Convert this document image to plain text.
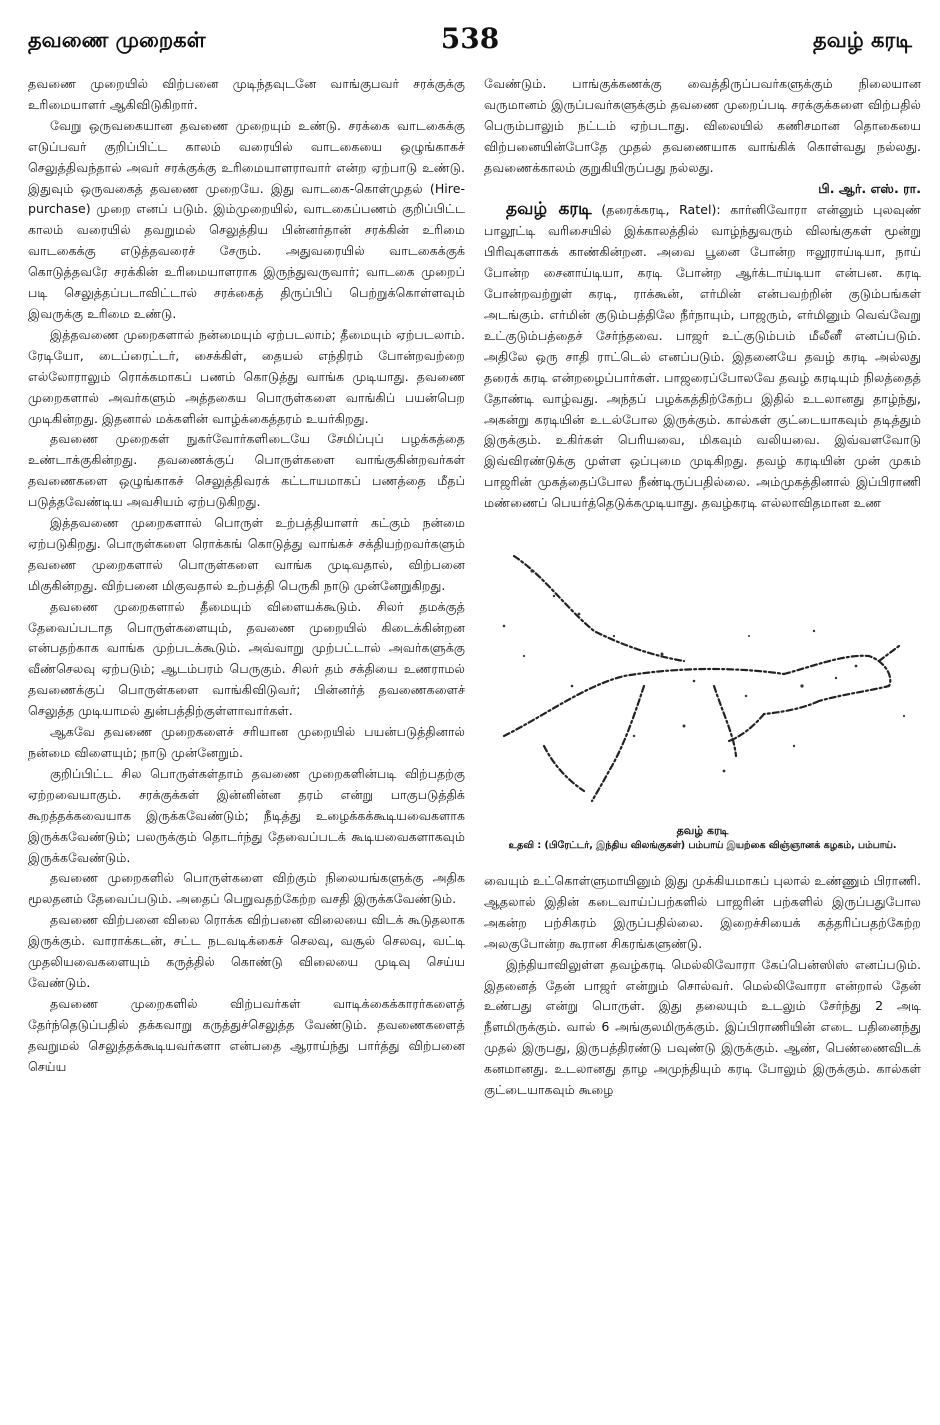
தவணை முறைகள்	538	தவழ் கரடி

தவணை முறையில் விற்பனை முடிந்தவுடனே வாங்குபவர் சரக்குக்கு உரிமையாளர் ஆகிவிடுகிறார்.

வேறு ஒருவகையான தவணை முறையும் உண்டு. சரக்கை வாடகைக்கு எடுப்பவர் குறிப்பிட்ட காலம் வரையில் வாடகையை ஒழுங்காகச் செலுத்திவந்தால் அவர் சரக்குக்கு உரிமையாளராவார் என்ற ஏற்பாடு உண்டு. இதுவும் ஒருவகைத் தவணை முறையே. இது வாடகை-கொள்முதல் (Hire-purchase) முறை எனப் படும். இம்முறையில், வாடகைப்பணம் குறிப்பிட்ட காலம் வரையில் தவறுமல் செலுத்திய பின்னர்தான் சரக்கின் உரிமை வாடகைக்கு எடுத்தவரைச் சேரும். அதுவரையில் வாடகைக்குக் கொடுத்தவரே சரக்கின் உரிமையாளராக இருந்துவருவார்; வாடகை முறைப் படி செலுத்தப்படாவிட்டால் சரக்கைத் திருப்பிப் பெற்றுக்கொள்ளவும் இவருக்கு உரிமை உண்டு.

இத்தவணை முறைகளால் நன்மையும் ஏற்படலாம்; தீமையும் ஏற்படலாம். ரேடியோ, டைப்ரைட்டர், சைக்கிள், தையல் எந்திரம் போன்றவற்றை எல்லோராலும் ரொக்கமாகப் பணம் கொடுத்து வாங்க முடியாது. தவணை முறைகளால் அவர்களும் அத்தகைய பொருள்களை வாங்கிப் பயன்பெற முடிகின்றது. இதனால் மக்களின் வாழ்க்கைத்தரம் உயர்கிறது.

தவணை முறைகள் நுகர்வோர்களிடையே சேமிப்புப் பழக்கத்தை உண்டாக்குகின்றது. தவணைக்குப் பொருள்களை வாங்குகின்றவர்கள் தவணைகளை ஒழுங்காகச் செலுத்திவரக் கட்டாயமாகப் பணத்தை மீதப் படுத்தவேண்டிய அவசியம் ஏற்படுகிறது.

இத்தவணை முறைகளால் பொருள் உற்பத்தியாளர் கட்கும் நன்மை ஏற்படுகிறது. பொருள்களை ரொக்கங் கொடுத்து வாங்கச் சக்தியற்றவர்களும் தவணை முறைகளால் பொருள்களை வாங்க முடிவதால், விற்பனை மிகுகின்றது. விற்பனை மிகுவதால் உற்பத்தி பெருகி நாடு முன்னேறுகிறது.

தவணை முறைகளால் தீமையும் விளையக்கூடும். சிலர் தமக்குத் தேவைப்படாத பொருள்களையும், தவணை முறையில் கிடைக்கின்றன என்பதற்காக வாங்க முற்படக்கூடும். அவ்வாறு முற்பட்டால் அவர்களுக்கு வீண்செலவு ஏற்படும்; ஆடம்பரம் பெருகும். சிலர் தம் சக்தியை உணராமல் தவணைக்குப் பொருள்களை வாங்கிவிடுவர்; பின்னர்த் தவணைகளைச் செலுத்த முடியாமல் துன்பத்திற்குள்ளாவார்கள்.

ஆகவே தவணை முறைகளைச் சரியான முறையில் பயன்படுத்தினால் நன்மை விளையும்; நாடு முன்னேறும்.

குறிப்பிட்ட சில பொருள்கள்தாம் தவணை முறைகளின்படி விற்பதற்கு ஏற்றவையாகும். சரக்குக்கள் இன்னின்ன தரம் என்று பாகுபடுத்திக் கூறத்தக்கவையாக இருக்கவேண்டும்; நீடித்து உழைக்கக்கூடியவைகளாக இருக்கவேண்டும்; பலருக்கும் தொடர்ந்து தேவைப்படக் கூடியவைகளாகவும் இருக்கவேண்டும்.

தவணை முறைகளில் பொருள்களை விற்கும் நிலையங்களுக்கு அதிக மூலதனம் தேவைப்படும். அதைப் பெறுவதற்கேற்ற வசதி இருக்கவேண்டும்.

தவணை விற்பனை விலை ரொக்க விற்பனை விலையை விடக் கூடுதலாக இருக்கும். வாராக்கடன், சட்ட நடவடிக்கைச் செலவு, வசூல் செலவு, வட்டி முதலியவைகளையும் கருத்தில் கொண்டு விலையை முடிவு செய்ய வேண்டும்.

தவணை முறைகளில் விற்பவர்கள் வாடிக்கைக்காரர்களைத் தேர்ந்தெடுப்பதில் தக்கவாறு கருத்துச்செலுத்த வேண்டும். தவணைகளைத் தவறுமல் செலுத்தக்கூடியவர்களா என்பதை ஆராய்ந்து பார்த்து விற்பனை செய்ய

வேண்டும். பாங்குக்கணக்கு வைத்திருப்பவர்களுக்கும் நிலையான வருமானம் இருப்பவர்களுக்கும் தவணை முறைப்படி சரக்குக்களை விற்பதில் பெரும்பாலும் நட்டம் ஏற்படாது. விலையில் கணிசமான தொகையை விற்பனையின்போதே முதல் தவணையாக வாங்கிக் கொள்வது நல்லது. தவணைக்காலம் குறுகியிருப்பது நல்லது.

பி. ஆர். எஸ். ரா.

தவழ் கரடி (தரைக்கரடி, Ratel): கார்னிவோரா என்னும் புலவுண் பாலூட்டி வரிசையில் இக்காலத்தில் வாழ்ந்துவரும் விலங்குகள் மூன்று பிரிவுகளாகக் காண்கின்றன. அவை பூனை போன்ற ஈலூராய்டியா, நாய் போன்ற சைனாய்டியா, கரடி போன்ற ஆர்க்டாய்டியா என்பன. கரடி போன்றவற்றுள் கரடி, ராக்கூன், எர்மின் என்பவற்றின் குடும்பங்கள் அடங்கும். எர்மின் குடும்பத்திலே நீர்நாயும், பாஜரும், எர்மினும் வெவ்வேறு உட்குடும்பத்தைச் சேர்ந்தவை. பாஜர் உட்குடும்பம் மீலீனீ எனப்படும். அதிலே ஒரு சாதி ராட்டெல் எனப்படும். இதனையே தவழ் கரடி அல்லது தரைக் கரடி என்றழைப்பார்கள். பாஜரைப்போலவே தவழ் கரடியும் நிலத்தைத் தோண்டி வாழ்வது. அந்தப் பழக்கத்திற்கேற்ப இதில் உடலானது தாழ்ந்து, அகன்று கரடியின் உடல்போல இருக்கும். கால்கள் குட்டையாகவும் தடித்தும் இருக்கும். உகிர்கள் பெரியவை, மிகவும் வலியவை. இவ்வளவோடு இவ்விரண்டுக்கு முள்ள ஒப்புமை முடிகிறது. தவழ் கரடியின் முன் முகம் பாஜரின் முகத்தைப்போல நீண்டிருப்பதில்லை. அம்முகத்தினால் இப்பிராணி மண்ணைப் பெயர்த்தெடுக்கமுடியாது. தவழ்கரடி எல்லாவிதமான உண

தவழ் கரடி
உதவி : (பிரேட்டர், இந்திய விலங்குகள்) பம்பாய் இயற்கை விஞ்ஞானக் கழகம், பம்பாய்.

வையும் உட்கொள்ளுமாயினும் இது முக்கியமாகப் புலால் உண்ணும் பிராணி. ஆதலால் இதின் கடைவாய்ப்பற்களில் பாஜரின் பற்களில் இருப்பதுபோல அகன்ற பற்சிகரம் இருப்பதில்லை. இறைச்சியைக் கத்தரிப்பதற்கேற்ற அலகுபோன்ற கூரான சிகரங்களுண்டு.

இந்தியாவிலுள்ள தவழ்கரடி மெல்லிவோரா கேப்பென்ஸிஸ் எனப்படும். இதனைத் தேன் பாஜர் என்றும் சொல்வர். மெல்லிவோரா என்றால் தேன் உண்பது என்று பொருள். இது தலையும் உடலும் சேர்ந்து 2 அடி நீளமிருக்கும். வால் 6 அங்குலமிருக்கும். இப்பிராணியின் எடை பதினைந்து முதல் இருபது, இருபத்திரண்டு பவுண்டு இருக்கும். ஆண், பெண்ணைவிடக் கனமானது. உடலானது தாழ அமுந்தியும் கரடி போலும் இருக்கும். கால்கள் குட்டையாகவும் கூழை
